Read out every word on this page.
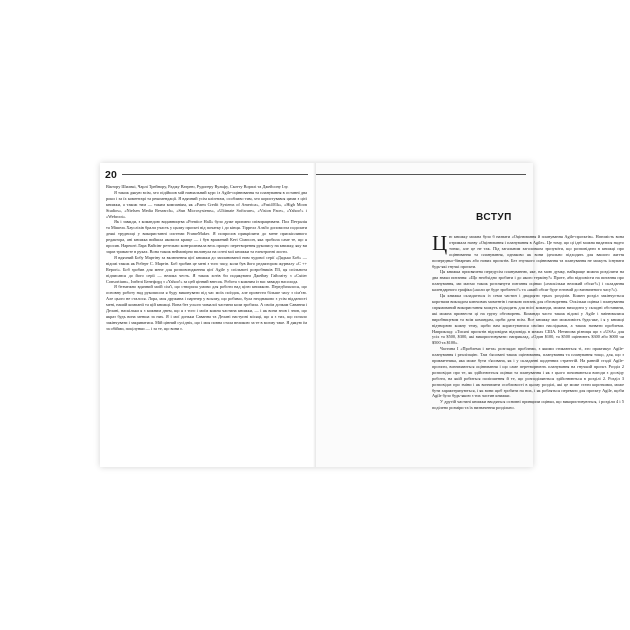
20

Вікторy Шилвкі, Чарлі Трейнору, Раджу Ватрею, Рудигеру Вульфу, Скотту Ворплі та Джейсону Ілу.

Я також дякую всім, хто підійшов мій навчальний курс із Agile-оцінювання та планування в останні два роки і за їх коментарі та рекомендації. Я вдячний усім клієнтам, особливо тим, хто користувався цими з цієї книжки, а також тим — таким компаніям, як «Farm Credit Systems of America», «Fast401k», «High Moon Studios», «Nielsen Media Research», «Sun Microsystems», «Ultimate Software», «Vision Pace», «Yahoo!» і «Webroot».

Як і завжди, з командою видавництва «Prentice Hall» було дуже приємно співпрацювати. Пол Петралія та Мішель Хаусліхів брали участь у цьому проєкті від початку і до кінця. Тіррелл Альбо допомогла подолати деякі труднощі у використанні системи FrameMaker. Я попросив прикріпити до мене прискіпливого редактора, ані книжка вийшла якомога краще — і був вражений Кеті Сімпсон, яка зробила саме те, що я просив. Нарешті Лара Вайсінг ретельно контролювала весь процес перетворення рукопису на книжку, яку ви зараз тримаєте в руках. Вона також неймовірно вплинула на сотні мої книжки та електронні листи.

Я вдячний Бобу Мартіну за включення цієї книжки до запланованої ним чудової серії «Дядько Боб» — відомі також як Роберт С. Мартін. Боб зробив це мені з того часу, коли був його редактором журналу «С ++ Report». Боб зробив для мене для розповсюдження цієї Agile у спільноті розробників ПЗ, ця спільнота підписався до його серії — велика честь. Я також хотів би подякувати Джейму Гайсміту з «Cutter Consortium», Ізабелі Бенефорд з «Yahoo!» за цей цінний внесок. Робота з кожним із вас завжди насолода.

Я безмежно вдячний моїй сім'ї, що створила умови для роботи над цією книжкою. Передбачалося, що основну роботу над рукописом я буду виконувати під час моїх поїздок, але провести більше часу з сім'єю. Але цього не сталося. Лора, моя дружина і партнер у всьому, що робимо, була неоднаково з усім відданості мені, нашій компанії та цій книжці. Вона без усього чималої частини коли зробила. А своїм дочкам Савання і Делані, наскільки я з кожним днем, що я з того і моїм кожна частина книжки, — і як вони знов і знов, що якраз будь вона менша за них. Я і мої доньки Саванна та Делані наступні місяці, що я з тих, що почало закінчувати і закриватися. Мій цінний сусідніх, що і моя повна стала великою за те в моєму таке. Я дякую їм за обійми, поцілунки — і за те, що вони є.

ВСТУП

Цю книжку можна було б назвати «Оцінювання й планування Agile-проєктів». Натомість вона отримала назву «Оцінювання і планування в Agile». Це тому, що ці ідеї можна видатися надто тонко, але це не так. Під загальним заголовком зрозуміти, що розповідати в книжці про оцінювання та планування, однаково як вони ідеально підходять для вашого життя попередньо-бінарних або нових проєктів. Без гнучкого оцінювання та планування не можуть існувати будь-які гнучкі проєкти.

Ця книжка присвячена передусім плануванню, яке, на мою думку, найкраще можна розділити на два знаки питання: «Що необхідно зробити і до якого терміну?» Проте, аби відповісти на питання про планування, ми маємо також розглянути питання оцінки («наскільки великий обсяг?») і складання календарного графіка («коли це буде зроблено?» та «який обсяг буде готовий до визначеного часу?»).

Ця книжка складається із семи частин і двадцяти трьох розділів. Кожен розділ закінчується коротким викладом ключових моментів і низкою питань для обговорення. Оскільки оцінка і планування спрямований використання можуть підходить для всієї команди, можна виходити у складні обставини, які можна призвести ці на групу обговорень. Команди часто також відомі у Agile і змінювалися виробництвом та всім командам, щоби дати всім. Все книжку має можливість будь-яке, і я у книжці відтворюю кожну тему, щоби вам користуватися своїми наслідками, а також назвати проблеми. Наприклад: «Тисячі проєктів відповідна відповідь в межах США. Нетипова різниця що з «USA» для усіх та $500, $300, які використовувати: наприклад, «Один $100, та $500 оцінюють $300 або $000 чи $500 та $100».

Частина I «Проблема і мета» розглядає проблеми, з якими стикаються ті, хто практикує Agile-планування і реалізацію. Там з'ясовані також оцінювання, планування та планування тощо, для, що з прикметника, яка може бути з'ясована, як і у складанні щоденних стратегій. На ранній стадії Agile-проєкти, визначаються оцінювання і що саме перетворюють планування на гнучкий проєкт. Розділ 2 розповідає про те, як здійснюється оцінки та планування і як з цього починаються вигоди з досвіду роботи, на якій робиться поліпшення й те, що розподіляються здійснюються в розділі 2. Розділ 3 розповідає про зміни і як визначити особливості в цьому розділі, які це може стати короткими, може бути характеризуються, і як вони щоб зробити на них, і як робляться переваги для проєкту Agile, щоби Agile було будь-якою з тих частин книжки.

У другій частині книжки вводяться основні принципи оцінки, що використовуються, і розділи 4 і 5 поділено розміри та їх визначення роздільно.
